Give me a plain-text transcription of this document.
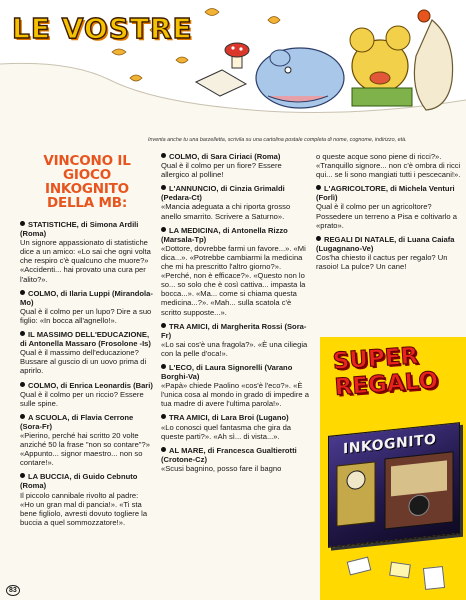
LE VOSTRE
Inventa anche tu una barzelletta, scrivila su una cartolina postale completa di nome, cognome, indirizzo, età.
VINCONO IL GIOCO
INKOGNITO
DELLA MB:
STATISTICHE, di Simona Ardili (Roma)
Un signore appassionato di statistiche dice a un amico: «Lo sai che ogni volta che respiro c'è qualcuno che muore?» «Accidenti... hai provato una cura per l'alito?».
COLMO, di Ilaria Luppi (Mirandola-Mo)
Qual è il colmo per un lupo? Dire a suo figlio: «In bocca all'agnello!».
IL MASSIMO DELL'EDUCAZIONE, di Antonella Massaro (Frosolone -Is)
Qual è il massimo dell'educazione? Bussare al guscio di un uovo prima di aprirlo.
COLMO, di Enrica Leonardis (Bari)
Qual è il colmo per un riccio? Essere sulle spine.
A SCUOLA, di Flavia Cerrone (Sora-Fr)
«Pierino, perché hai scritto 20 volte anziché 50 la frase "non so contare"?» «Appunto... signor maestro... non so contare!».
LA BUCCIA, di Guido Cebnuto (Roma)
Il piccolo cannibale rivolto al padre: «Ho un gran mal di pancia!». «Ti sta bene figliolo, avresti dovuto togliere la buccia a quel sommozzatore!».
COLMO, di Sara Ciriaci (Roma)
Qual è il colmo per un fiore? Essere allergico al polline!
L'ANNUNCIO, di Cinzia Grimaldi (Pedara-Ct)
«Mancia adeguata a chi riporta grosso anello smarrito. Scrivere a Saturno».
LA MEDICINA, di Antonella Rizzo (Marsala-Tp)
«Dottore, dovrebbe farmi un favore...». «Mi dica...». «Potrebbe cambiarmi la medicina che mi ha prescritto l'altro giorno?». «Perché, non è efficace?». «Questo non lo so... so solo che è così cattiva... impasta la bocca...». «Ma... come si chiama questa medicina...?». «Mah... sulla scatola c'è scritto supposte...».
TRA AMICI, di Margherita Rossi (Sora-Fr)
«Lo sai cos'è una fragola?». «È una ciliegia con la pelle d'oca!».
L'ECO, di Laura Signorelli (Varano Borghi-Va)
«Papà» chiede Paolino «cos'è l'eco?». «È l'unica cosa al mondo in grado di impedire a tua madre di avere l'ultima parola!».
TRA AMICI, di Lara Broi (Lugano)
«Lo conosci quel fantasma che gira da queste parti?». «Ah sì... di vista...».
AL MARE, di Francesca Gualtierotti (Crotone-Cz)
«Scusi bagnino, posso fare il bagno
o queste acque sono piene di ricci?». «Tranquillo signore... non c'è ombra di ricci qui... se li sono mangiati tutti i pescecani!».
L'AGRICOLTORE, di Michela Venturi (Forlì)
Qual è il colmo per un agricoltore? Possedere un terreno a Pisa e coltivarlo a «prato».
REGALI DI NATALE, di Luana Caiafa (Lugagnano-Ve)
Cos'ha chiesto il cactus per regalo? Un rasoio! La pulce? Un cane!
SUPER
REGALO
INKOGNITO
83
